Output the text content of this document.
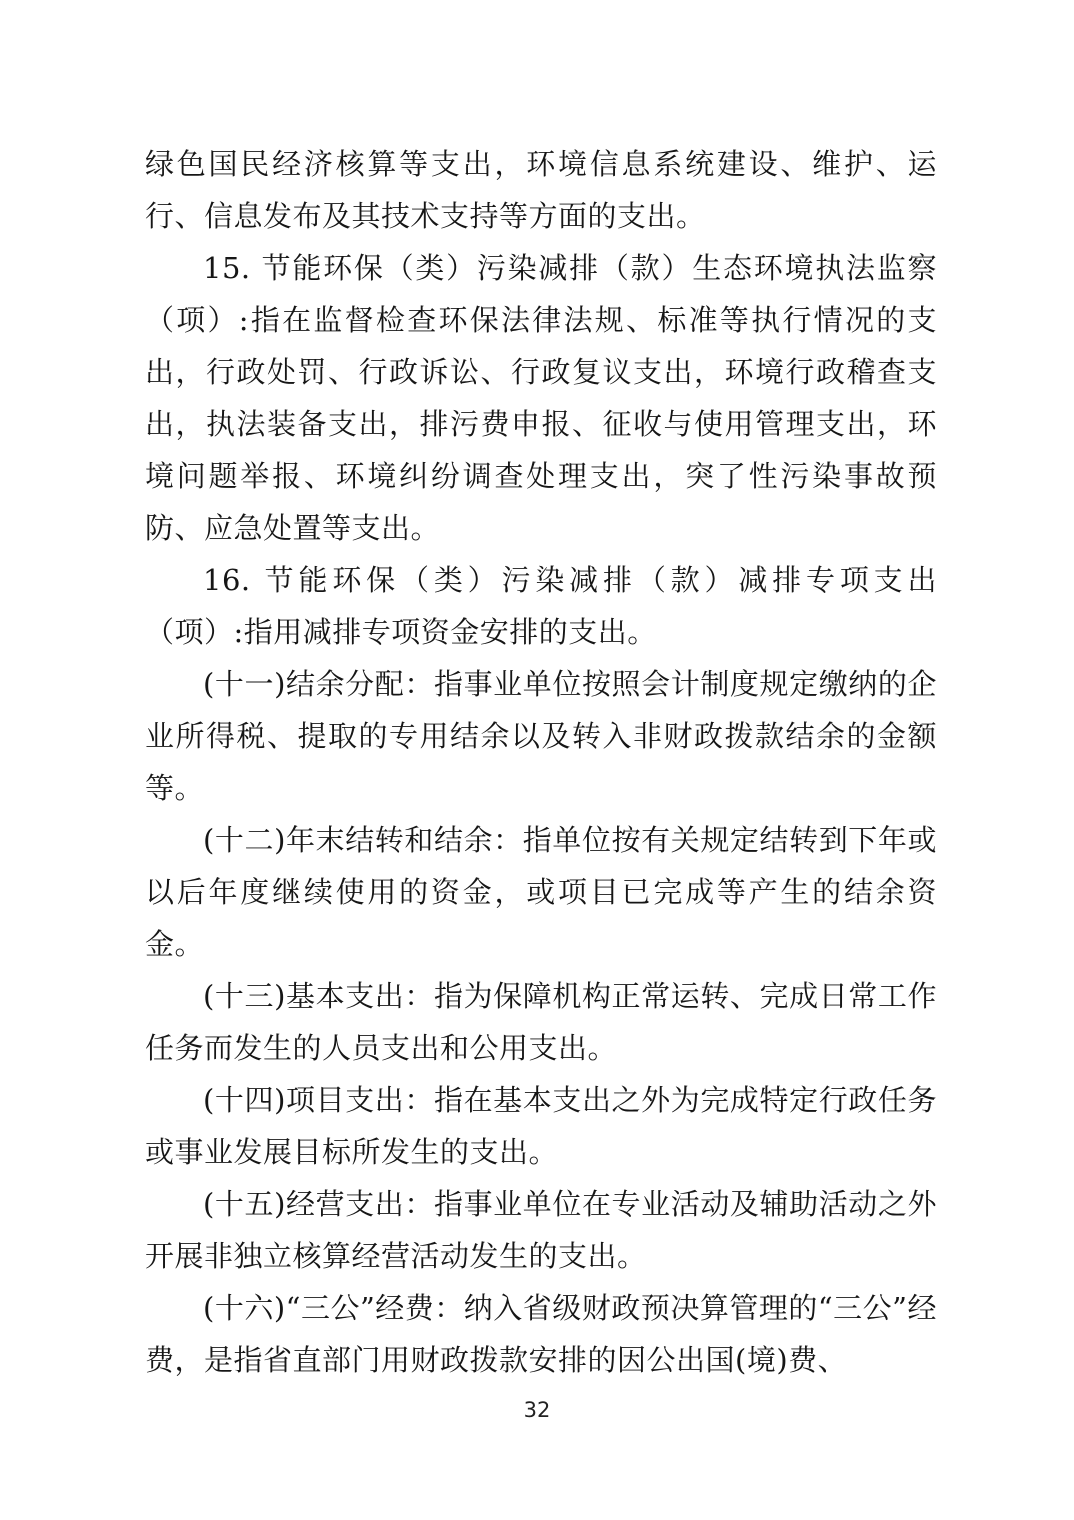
绿色国民经济核算等支出，环境信息系统建设、维护、运行、信息发布及其技术支持等方面的支出。

15. 节能环保（类）污染减排（款）生态环境执法监察（项）:指在监督检查环保法律法规、标准等执行情况的支出，行政处罚、行政诉讼、行政复议支出，环境行政稽查支出，执法装备支出，排污费申报、征收与使用管理支出，环境问题举报、环境纠纷调查处理支出，突了性污染事故预防、应急处置等支出。

16. 节能环保（类）污染减排（款）减排专项支出（项）:指用减排专项资金安排的支出。

(十一)结余分配：指事业单位按照会计制度规定缴纳的企业所得税、提取的专用结余以及转入非财政拨款结余的金额等。

(十二)年末结转和结余：指单位按有关规定结转到下年或以后年度继续使用的资金，或项目已完成等产生的结余资金。

(十三)基本支出：指为保障机构正常运转、完成日常工作任务而发生的人员支出和公用支出。

(十四)项目支出：指在基本支出之外为完成特定行政任务或事业发展目标所发生的支出。

(十五)经营支出：指事业单位在专业活动及辅助活动之外开展非独立核算经营活动发生的支出。

(十六)“三公”经费：纳入省级财政预决算管理的“三公”经费，是指省直部门用财政拨款安排的因公出国(境)费、

32
